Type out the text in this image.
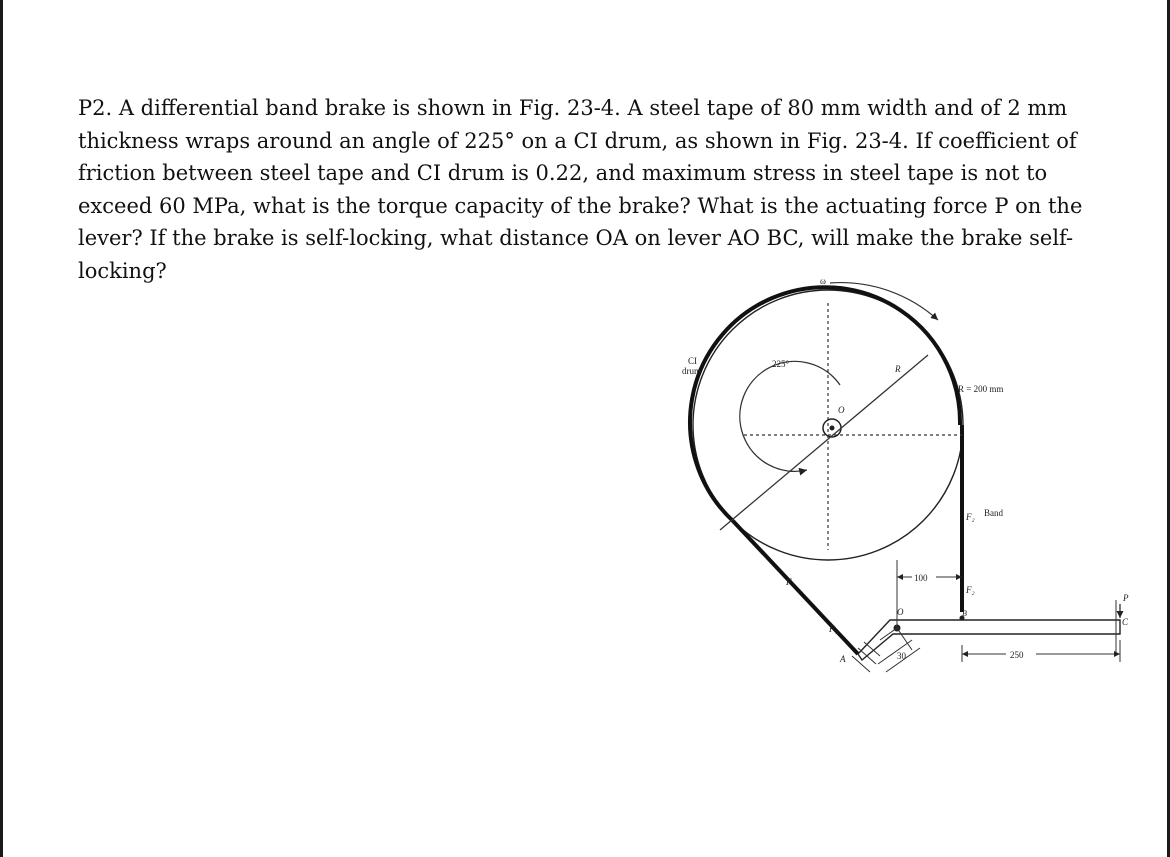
P2. A differential band brake is shown in Fig. 23-4. A steel tape of 80 mm width and of 2 mm
thickness wraps around an angle of 225° on a CI drum, as shown in Fig. 23-4. If coefficient of
friction between steel tape and CI drum is 0.22, and maximum stress in steel tape is not to
exceed 60 MPa, what is the torque capacity of the brake? What is the actuating force P on the
lever? If the brake is self-locking, what distance OA on lever AO BC, will make the brake self-
locking?
CI
drum
225°
ω
O
R
R = 200 mm
F₂ Band
F₁
F₁
100
F₂
O	B
A	30	250
P
C
